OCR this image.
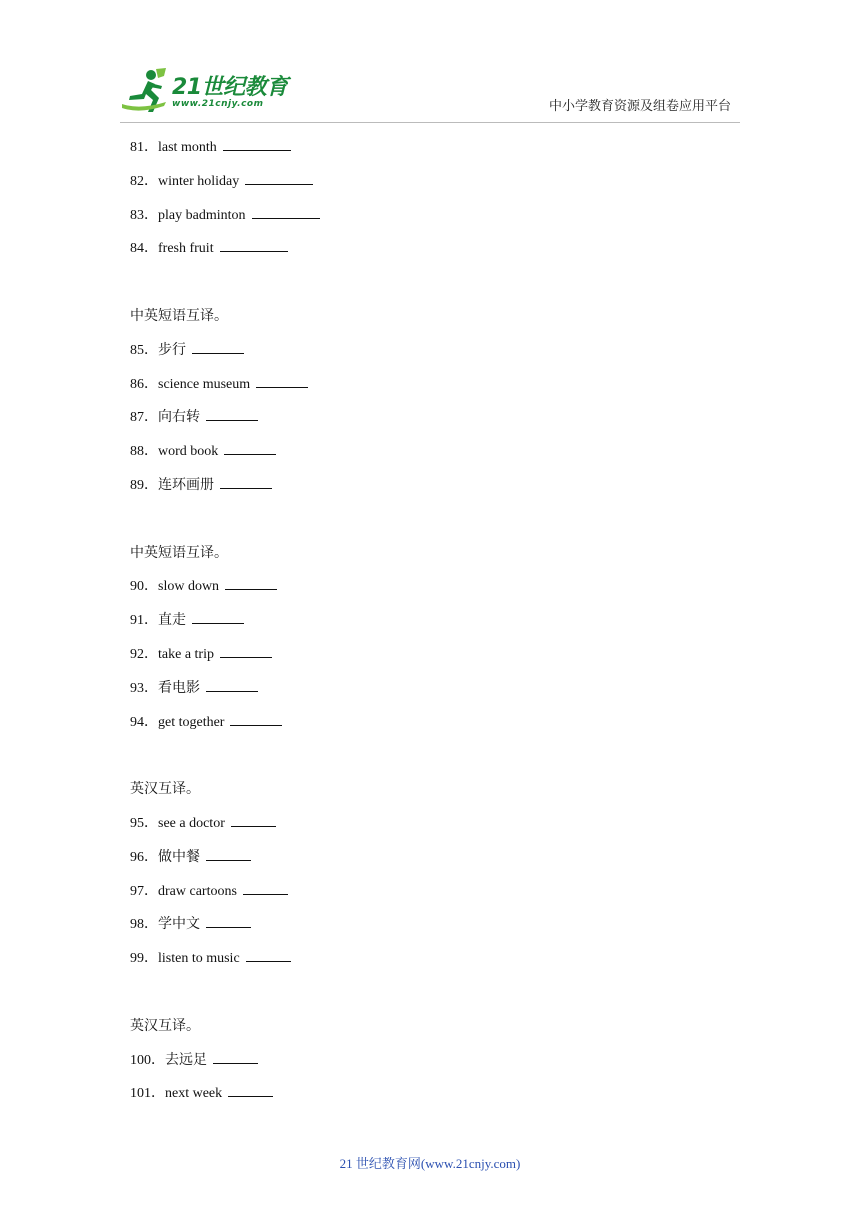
21世纪教育
www.21cnjy.com	中小学教育资源及组卷应用平台
81．last month
82．winter holiday
83．play badminton
84．fresh fruit
中英短语互译。
85．步行
86．science museum
87．向右转
88．word book
89．连环画册
中英短语互译。
90．slow down
91．直走
92．take a trip
93．看电影
94．get together
英汉互译。
95．see a doctor
96．做中餐
97．draw cartoons
98．学中文
99．listen to music
英汉互译。
100．去远足
101．next week
21 世纪教育网(www.21cnjy.com)
